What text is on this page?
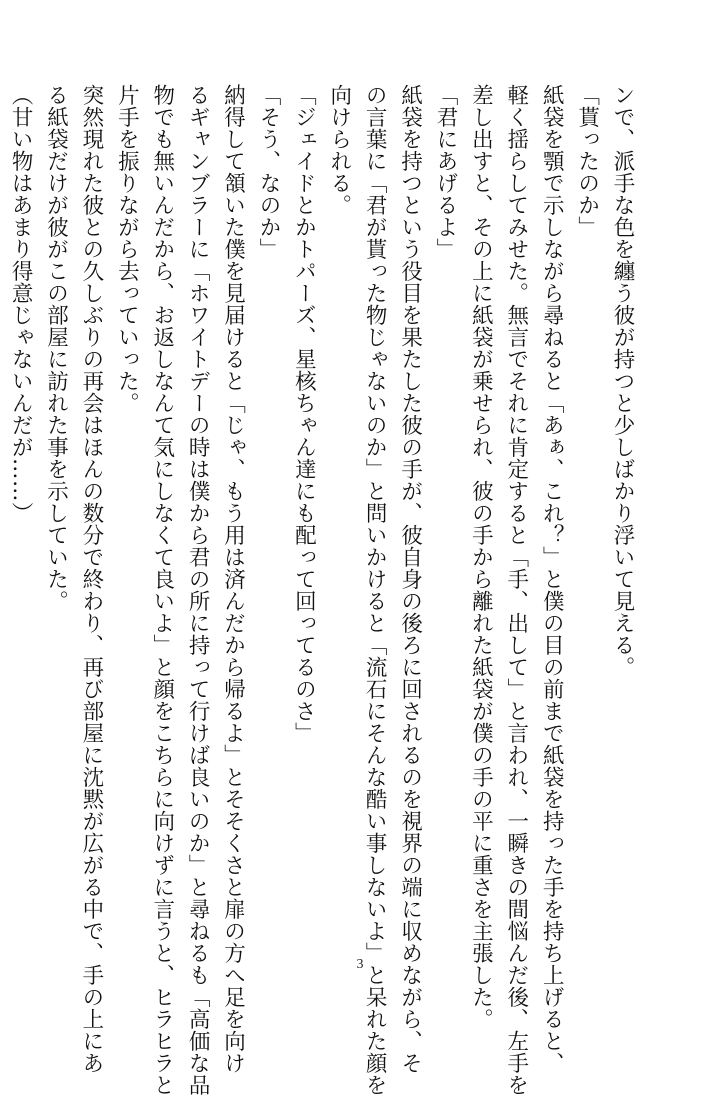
ンで、派手な色を纏う彼が持つと少しばかり浮いて見える。
「貰ったのか」
紙袋を顎で示しながら尋ねると「あぁ、これ？」と僕の目の前まで紙袋を持った手を持ち上げると、
軽く揺らしてみせた。無言でそれに肯定すると「手、出して」と言われ、一瞬きの間悩んだ後、左手を
差し出すと、その上に紙袋が乗せられ、彼の手から離れた紙袋が僕の手の平に重さを主張した。
「君にあげるよ」
紙袋を持つという役目を果たした彼の手が、彼自身の後ろに回されるのを視界の端に収めながら、そ
の言葉に「君が貰った物じゃないのか」と問いかけると「流石にそんな酷い事しないよ」と呆れた顔を
向けられる。
「ジェイドとかトパーズ、星核ちゃん達にも配って回ってるのさ」
「そう、なのか」
納得して頷いた僕を見届けると「じゃ、もう用は済んだから帰るよ」とそそくさと扉の方へ足を向け
るギャンブラーに「ホワイトデーの時は僕から君の所に持って行けば良いのか」と尋ねるも「高価な品
物でも無いんだから、お返しなんて気にしなくて良いよ」と顔をこちらに向けずに言うと、ヒラヒラと
片手を振りながら去っていった。
突然現れた彼との久しぶりの再会はほんの数分で終わり、再び部屋に沈黙が広がる中で、手の上にあ
る紙袋だけが彼がこの部屋に訪れた事を示していた。
（甘い物はあまり得意じゃないんだが……）
3
